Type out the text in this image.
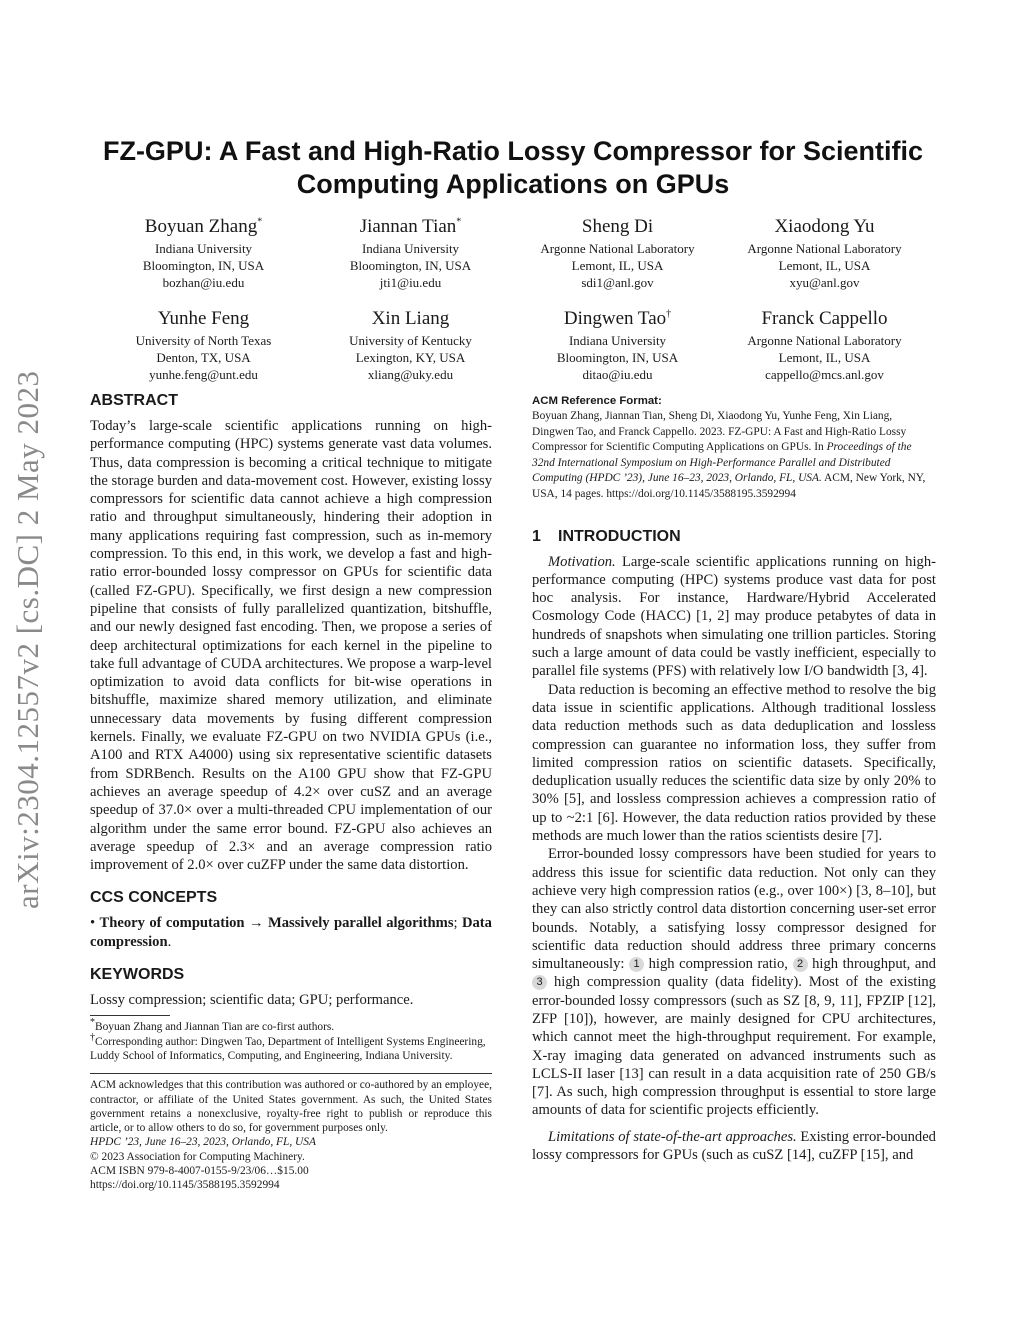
arXiv:2304.12557v2 [cs.DC] 2 May 2023
FZ-GPU: A Fast and High-Ratio Lossy Compressor for Scientific Computing Applications on GPUs
Boyuan Zhang*
Indiana University
Bloomington, IN, USA
bozhan@iu.edu
Jiannan Tian*
Indiana University
Bloomington, IN, USA
jti1@iu.edu
Sheng Di
Argonne National Laboratory
Lemont, IL, USA
sdi1@anl.gov
Xiaodong Yu
Argonne National Laboratory
Lemont, IL, USA
xyu@anl.gov
Yunhe Feng
University of North Texas
Denton, TX, USA
yunhe.feng@unt.edu
Xin Liang
University of Kentucky
Lexington, KY, USA
xliang@uky.edu
Dingwen Tao†
Indiana University
Bloomington, IN, USA
ditao@iu.edu
Franck Cappello
Argonne National Laboratory
Lemont, IL, USA
cappello@mcs.anl.gov
ABSTRACT

Today’s large-scale scientific applications running on high-performance computing (HPC) systems generate vast data volumes. Thus, data compression is becoming a critical technique to mitigate the storage burden and data-movement cost. However, existing lossy compressors for scientific data cannot achieve a high compression ratio and throughput simultaneously, hindering their adoption in many applications requiring fast compression, such as in-memory compression. To this end, in this work, we develop a fast and high-ratio error-bounded lossy compressor on GPUs for scientific data (called FZ-GPU). Specifically, we first design a new compression pipeline that consists of fully parallelized quantization, bitshuffle, and our newly designed fast encoding. Then, we propose a series of deep architectural optimizations for each kernel in the pipeline to take full advantage of CUDA architectures. We propose a warp-level optimization to avoid data conflicts for bit-wise operations in bitshuffle, maximize shared memory utilization, and eliminate unnecessary data movements by fusing different compression kernels. Finally, we evaluate FZ-GPU on two NVIDIA GPUs (i.e., A100 and RTX A4000) using six representative scientific datasets from SDRBench. Results on the A100 GPU show that FZ-GPU achieves an average speedup of 4.2× over cuSZ and an average speedup of 37.0× over a multi-threaded CPU implementation of our algorithm under the same error bound. FZ-GPU also achieves an average speedup of 2.3× and an average compression ratio improvement of 2.0× over cuZFP under the same data distortion.

CCS CONCEPTS

• Theory of computation → Massively parallel algorithms; Data compression.

KEYWORDS

Lossy compression; scientific data; GPU; performance.

*Boyuan Zhang and Jiannan Tian are co-first authors.

†Corresponding author: Dingwen Tao, Department of Intelligent Systems Engineering, Luddy School of Informatics, Computing, and Engineering, Indiana University.

ACM acknowledges that this contribution was authored or co-authored by an employee, contractor, or affiliate of the United States government. As such, the United States government retains a nonexclusive, royalty-free right to publish or reproduce this article, or to allow others to do so, for government purposes only.

HPDC ’23, June 16–23, 2023, Orlando, FL, USA

© 2023 Association for Computing Machinery.

ACM ISBN 979-8-4007-0155-9/23/06…$15.00

https://doi.org/10.1145/3588195.3592994

ACM Reference Format:

Boyuan Zhang, Jiannan Tian, Sheng Di, Xiaodong Yu, Yunhe Feng, Xin Liang, Dingwen Tao, and Franck Cappello. 2023. FZ-GPU: A Fast and High-Ratio Lossy Compressor for Scientific Computing Applications on GPUs. In Proceedings of the 32nd International Symposium on High-Performance Parallel and Distributed Computing (HPDC ’23), June 16–23, 2023, Orlando, FL, USA. ACM, New York, NY, USA, 14 pages. https://doi.org/10.1145/3588195.3592994

1 INTRODUCTION

Motivation. Large-scale scientific applications running on high-performance computing (HPC) systems produce vast data for post hoc analysis. For instance, Hardware/Hybrid Accelerated Cosmology Code (HACC) [1, 2] may produce petabytes of data in hundreds of snapshots when simulating one trillion particles. Storing such a large amount of data could be vastly inefficient, especially to parallel file systems (PFS) with relatively low I/O bandwidth [3, 4].

Data reduction is becoming an effective method to resolve the big data issue in scientific applications. Although traditional lossless data reduction methods such as data deduplication and lossless compression can guarantee no information loss, they suffer from limited compression ratios on scientific datasets. Specifically, deduplication usually reduces the scientific data size by only 20% to 30% [5], and lossless compression achieves a compression ratio of up to ~2:1 [6]. However, the data reduction ratios provided by these methods are much lower than the ratios scientists desire [7].

Error-bounded lossy compressors have been studied for years to address this issue for scientific data reduction. Not only can they achieve very high compression ratios (e.g., over 100×) [3, 8–10], but they can also strictly control data distortion concerning user-set error bounds. Notably, a satisfying lossy compressor designed for scientific data reduction should address three primary concerns simultaneously: 1 high compression ratio, 2 high throughput, and 3 high compression quality (data fidelity). Most of the existing error-bounded lossy compressors (such as SZ [8, 9, 11], FPZIP [12], ZFP [10]), however, are mainly designed for CPU architectures, which cannot meet the high-throughput requirement. For example, X-ray imaging data generated on advanced instruments such as LCLS-II laser [13] can result in a data acquisition rate of 250 GB/s [7]. As such, high compression throughput is essential to store large amounts of data for scientific projects efficiently.

Limitations of state-of-the-art approaches. Existing error-bounded lossy compressors for GPUs (such as cuSZ [14], cuZFP [15], and
